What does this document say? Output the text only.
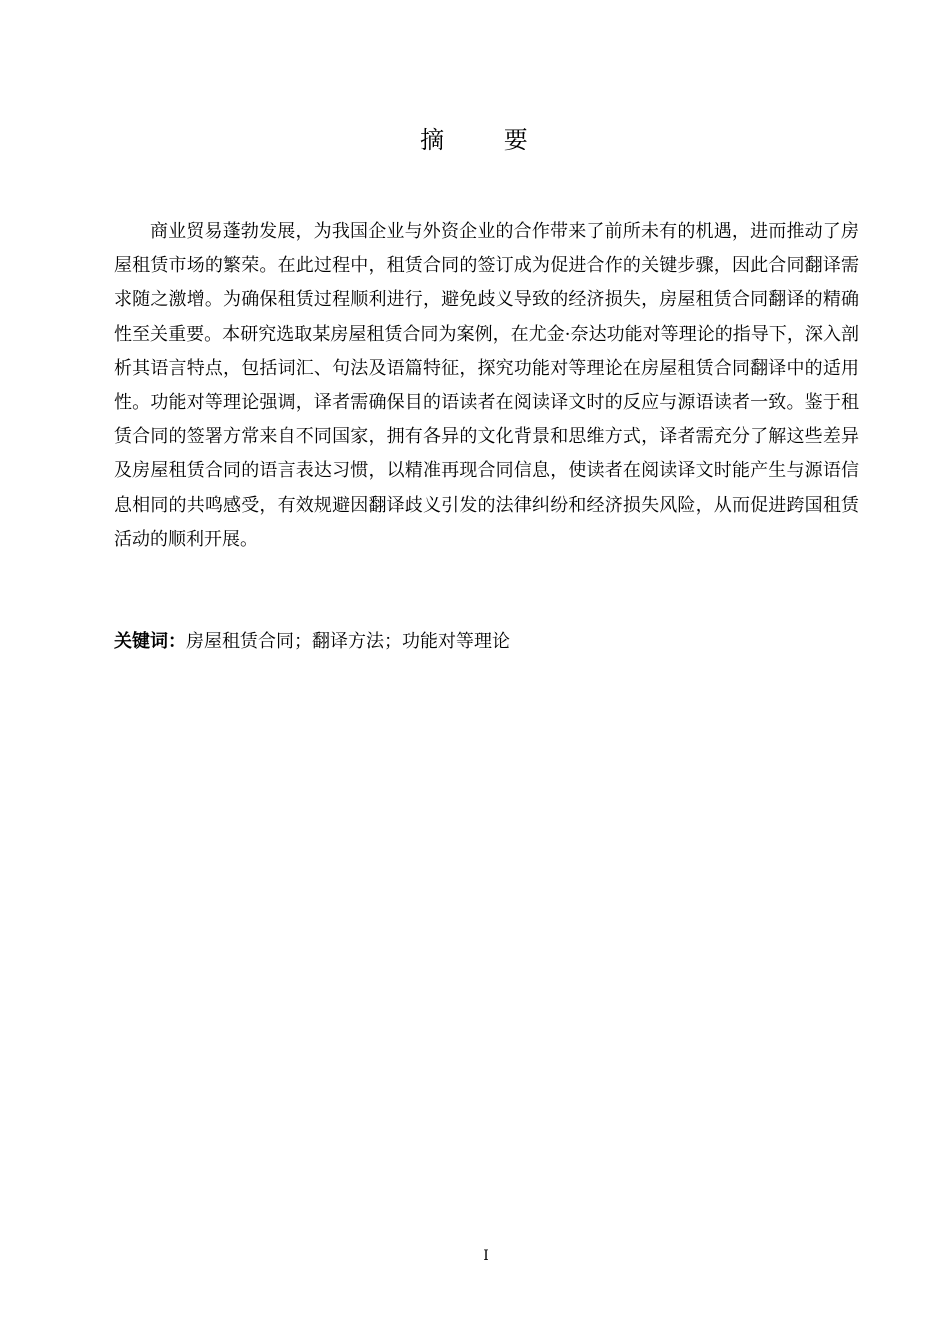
摘 要

商业贸易蓬勃发展，为我国企业与外资企业的合作带来了前所未有的机遇，进而推动了房屋租赁市场的繁荣。在此过程中，租赁合同的签订成为促进合作的关键步骤，因此合同翻译需求随之激增。为确保租赁过程顺利进行，避免歧义导致的经济损失，房屋租赁合同翻译的精确性至关重要。本研究选取某房屋租赁合同为案例，在尤金·奈达功能对等理论的指导下，深入剖析其语言特点，包括词汇、句法及语篇特征，探究功能对等理论在房屋租赁合同翻译中的适用性。功能对等理论强调，译者需确保目的语读者在阅读译文时的反应与源语读者一致。鉴于租赁合同的签署方常来自不同国家，拥有各异的文化背景和思维方式，译者需充分了解这些差异及房屋租赁合同的语言表达习惯，以精准再现合同信息，使读者在阅读译文时能产生与源语信息相同的共鸣感受，有效规避因翻译歧义引发的法律纠纷和经济损失风险，从而促进跨国租赁活动的顺利开展。

关键词：房屋租赁合同；翻译方法；功能对等理论

I
